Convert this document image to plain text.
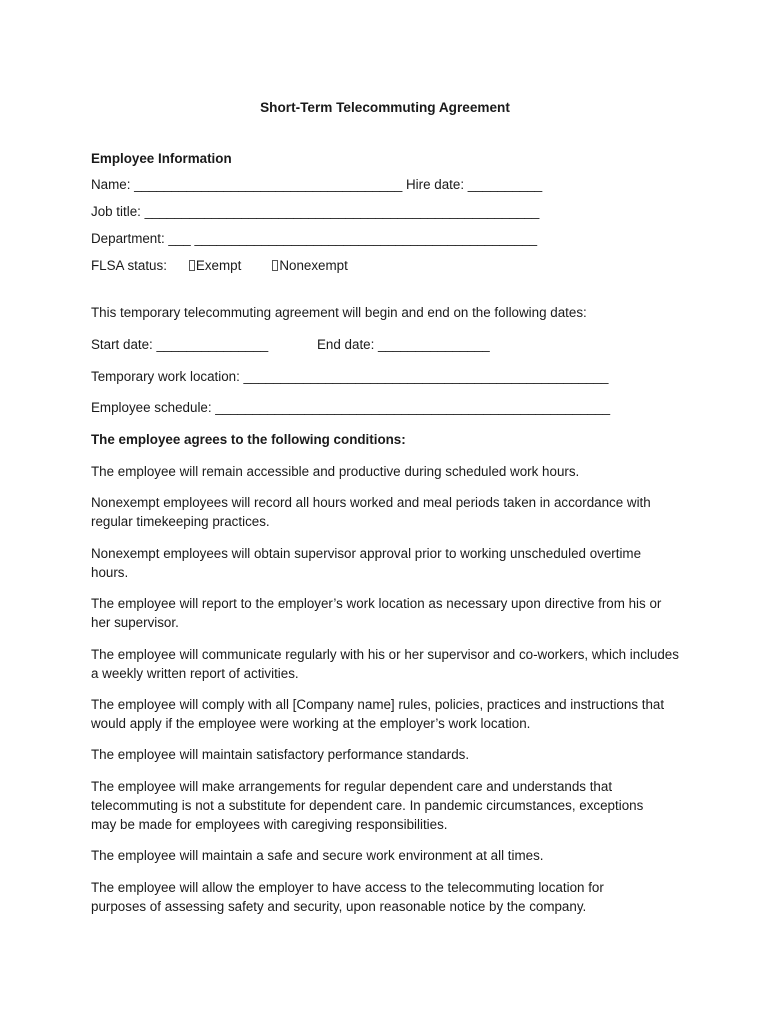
Short-Term Telecommuting Agreement
Employee Information
Name: ____________________________________ Hire date: __________
Job title: _____________________________________________________
Department: ___ ______________________________________________
FLSA status: Exempt	Nonexempt
This temporary telecommuting agreement will begin and end on the following dates:
Start date: _______________	End date: _______________
Temporary work location: _________________________________________________
Employee schedule: _____________________________________________________
The employee agrees to the following conditions:
The employee will remain accessible and productive during scheduled work hours.
Nonexempt employees will record all hours worked and meal periods taken in accordance with regular timekeeping practices.
Nonexempt employees will obtain supervisor approval prior to working unscheduled overtime hours.
The employee will report to the employer’s work location as necessary upon directive from his or her supervisor.
The employee will communicate regularly with his or her supervisor and co-workers, which includes a weekly written report of activities.
The employee will comply with all [Company name] rules, policies, practices and instructions that would apply if the employee were working at the employer’s work location.
The employee will maintain satisfactory performance standards.
The employee will make arrangements for regular dependent care and understands that telecommuting is not a substitute for dependent care. In pandemic circumstances, exceptions may be made for employees with caregiving responsibilities.
The employee will maintain a safe and secure work environment at all times.
The employee will allow the employer to have access to the telecommuting location for purposes of assessing safety and security, upon reasonable notice by the company.
